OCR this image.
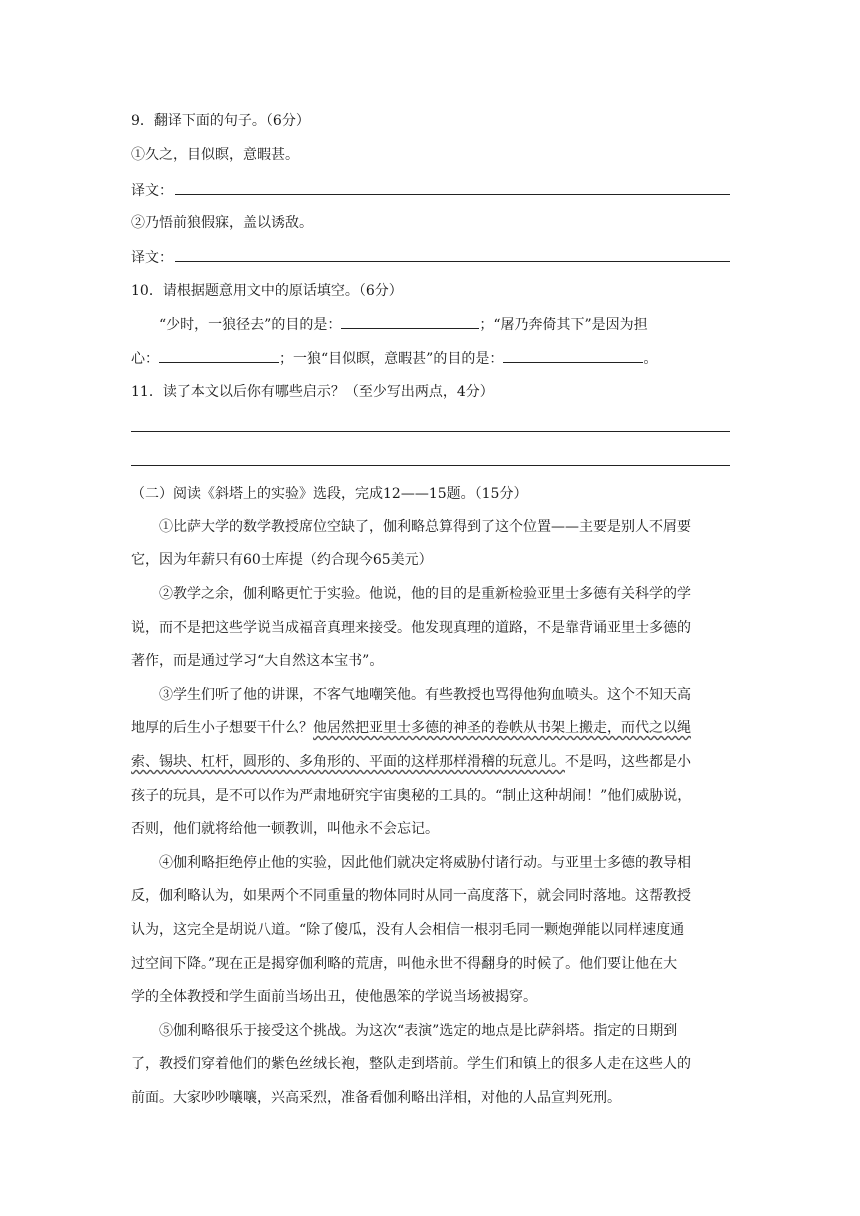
9．翻译下面的句子。（6分）
①久之，目似瞑，意暇甚。
译文：
②乃悟前狼假寐，盖以诱敌。
译文：
10．请根据题意用文中的原话填空。（6分）
“少时，一狼径去”的目的是：	；“屠乃奔倚其下”是因为担
心：	；一狼“目似瞑，意暇甚”的目的是：	。
11．读了本文以后你有哪些启示？（至少写出两点，4分）
（二）阅读《斜塔上的实验》选段，完成12——15题。（15分）
①比萨大学的数学教授席位空缺了，伽利略总算得到了这个位置——主要是别人不屑要
它，因为年薪只有60士库提（约合现今65美元）
②教学之余，伽利略更忙于实验。他说，他的目的是重新检验亚里士多德有关科学的学
说，而不是把这些学说当成福音真理来接受。他发现真理的道路，不是靠背诵亚里士多德的
著作，而是通过学习“大自然这本宝书”。
③学生们听了他的讲课，不客气地嘲笑他。有些教授也骂得他狗血喷头。这个不知天高
地厚的后生小子想要干什么？他居然把亚里士多德的神圣的卷帙从书架上搬走，而代之以绳
索、锡块、杠杆，圆形的、多角形的、平面的这样那样滑稽的玩意儿。不是吗，这些都是小
孩子的玩具，是不可以作为严肃地研究宇宙奥秘的工具的。“制止这种胡闹！”他们威胁说，
否则，他们就将给他一顿教训，叫他永不会忘记。
④伽利略拒绝停止他的实验，因此他们就决定将威胁付诸行动。与亚里士多德的教导相
反，伽利略认为，如果两个不同重量的物体同时从同一高度落下，就会同时落地。这帮教授
认为，这完全是胡说八道。“除了傻瓜，没有人会相信一根羽毛同一颗炮弹能以同样速度通
过空间下降。”现在正是揭穿伽利略的荒唐，叫他永世不得翻身的时候了。他们要让他在大
学的全体教授和学生面前当场出丑，使他愚笨的学说当场被揭穿。
⑤伽利略很乐于接受这个挑战。为这次“表演”选定的地点是比萨斜塔。指定的日期到
了，教授们穿着他们的紫色丝绒长袍，整队走到塔前。学生们和镇上的很多人走在这些人的
前面。大家吵吵嚷嚷，兴高采烈，准备看伽利略出洋相，对他的人品宣判死刑。
